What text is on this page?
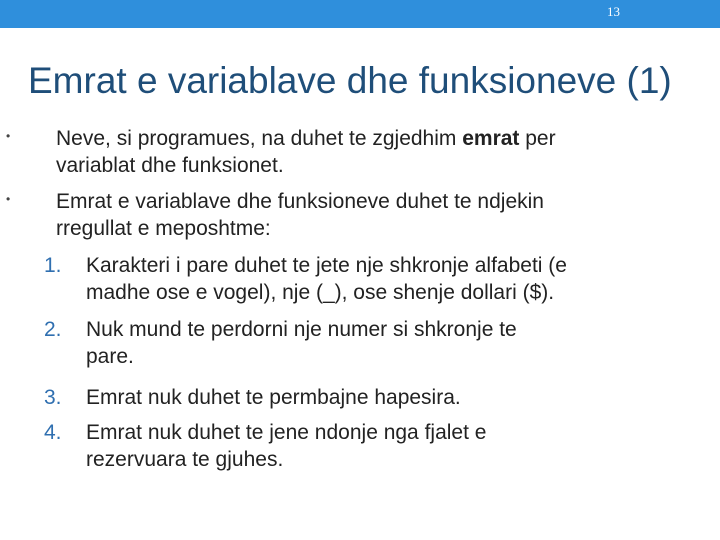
13
Emrat e variablave dhe funksioneve (1)
• Neve, si programues, na duhet te zgjedhim emrat per
variablat dhe funksionet.
• Emrat e variablave dhe funksioneve duhet te ndjekin
rregullat e meposhtme:
1.	Karakteri i pare duhet te jete nje shkronje alfabeti (e
madhe ose e vogel), nje (_), ose shenje dollari ($).
2.	Nuk mund te perdorni nje numer si shkronje te
pare.
3.	Emrat nuk duhet te permbajne hapesira.
4.	Emrat nuk duhet te jene ndonje nga fjalet e
rezervuara te gjuhes.
